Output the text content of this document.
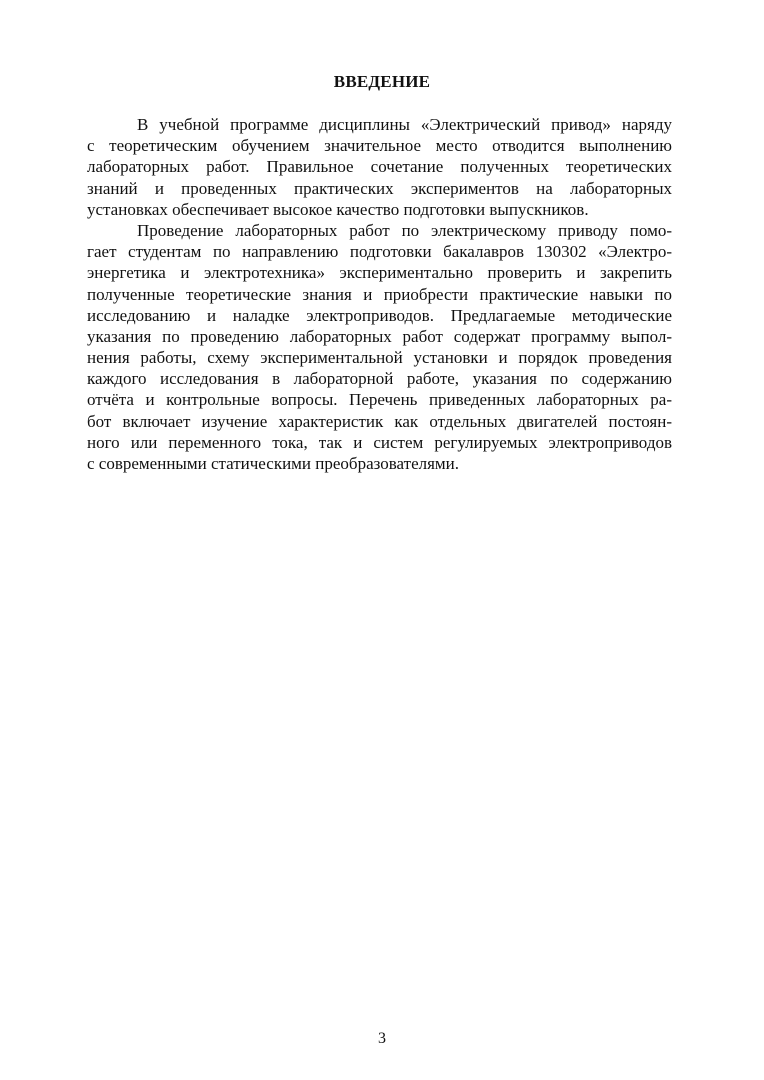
ВВЕДЕНИЕ
В учебной программе дисциплины «Электрический привод» наряду
с теоретическим обучением значительное место отводится выполнению
лабораторных работ. Правильное сочетание полученных теоретических
знаний и проведенных практических экспериментов на лабораторных
установках обеспечивает высокое качество подготовки выпускников.
Проведение лабораторных работ по электрическому приводу помо-
гает студентам по направлению подготовки бакалавров 130302 «Электро-
энергетика и электротехника» экспериментально проверить и закрепить
полученные теоретические знания и приобрести практические навыки по
исследованию и наладке электроприводов. Предлагаемые методические
указания по проведению лабораторных работ содержат программу выпол-
нения работы, схему экспериментальной установки и порядок проведения
каждого исследования в лабораторной работе, указания по содержанию
отчёта и контрольные вопросы. Перечень приведенных лабораторных ра-
бот включает изучение характеристик как отдельных двигателей постоян-
ного или переменного тока, так и систем регулируемых электроприводов
с современными статическими преобразователями.
3
